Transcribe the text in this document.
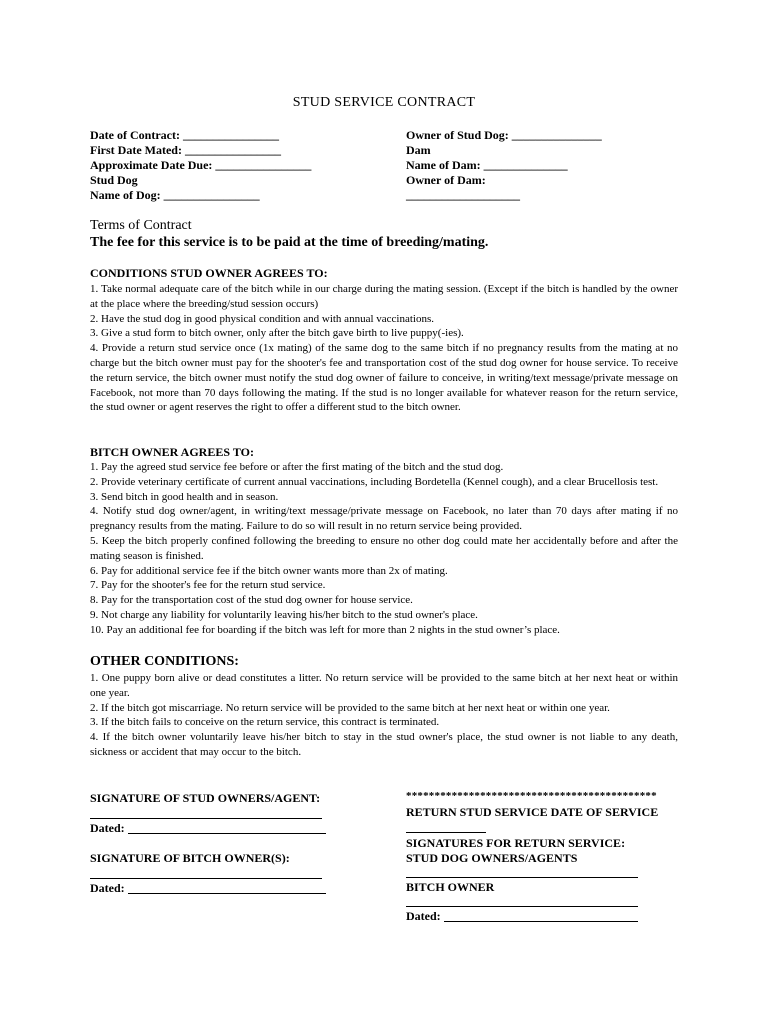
STUD SERVICE CONTRACT
Date of Contract: ________________
First Date Mated: ________________
Approximate Date Due: ________________
Stud Dog
Name of Dog: ________________
Owner of Stud Dog: _______________
Dam
Name of Dam: ______________
Owner of Dam:
___________________
Terms of Contract
The fee for this service is to be paid at the time of breeding/mating.
CONDITIONS STUD OWNER AGREES TO:

1. Take normal adequate care of the bitch while in our charge during the mating session. (Except if the bitch is handled by the owner at the place where the breeding/stud session occurs)

2. Have the stud dog in good physical condition and with annual vaccinations.

3. Give a stud form to bitch owner, only after the bitch gave birth to live puppy(-ies).

4. Provide a return stud service once (1x mating) of the same dog to the same bitch if no pregnancy results from the mating at no charge but the bitch owner must pay for the shooter's fee and transportation cost of the stud dog owner for house service. To receive the return service, the bitch owner must notify the stud dog owner of failure to conceive, in writing/text message/private message on Facebook, not more than 70 days following the mating. If the stud is no longer available for whatever reason for the return service, the stud owner or agent reserves the right to offer a different stud to the bitch owner.

BITCH OWNER AGREES TO:

1. Pay the agreed stud service fee before or after the first mating of the bitch and the stud dog.

2. Provide veterinary certificate of current annual vaccinations, including Bordetella (Kennel cough), and a clear Brucellosis test.

3. Send bitch in good health and in season.

4. Notify stud dog owner/agent, in writing/text message/private message on Facebook, no later than 70 days after mating if no pregnancy results from the mating. Failure to do so will result in no return service being provided.

5. Keep the bitch properly confined following the breeding to ensure no other dog could mate her accidentally before and after the mating season is finished.

6. Pay for additional service fee if the bitch owner wants more than 2x of mating.

7. Pay for the shooter's fee for the return stud service.

8. Pay for the transportation cost of the stud dog owner for house service.

9. Not charge any liability for voluntarily leaving his/her bitch to the stud owner's place.

10. Pay an additional fee for boarding if the bitch was left for more than 2 nights in the stud owner’s place.

OTHER CONDITIONS:

1. One puppy born alive or dead constitutes a litter. No return service will be provided to the same bitch at her next heat or within one year.

2. If the bitch got miscarriage. No return service will be provided to the same bitch at her next heat or within one year.

3. If the bitch fails to conceive on the return service, this contract is terminated.

4. If the bitch owner voluntarily leave his/her bitch to stay in the stud owner's place, the stud owner is not liable to any death, sickness or accident that may occur to the bitch.

SIGNATURE OF STUD OWNERS/AGENT:
Dated:
SIGNATURE OF BITCH OWNER(S):
Dated:
********************************************
RETURN STUD SERVICE DATE OF SERVICE
SIGNATURES FOR RETURN SERVICE:
STUD DOG OWNERS/AGENTS
BITCH OWNER
Dated:
